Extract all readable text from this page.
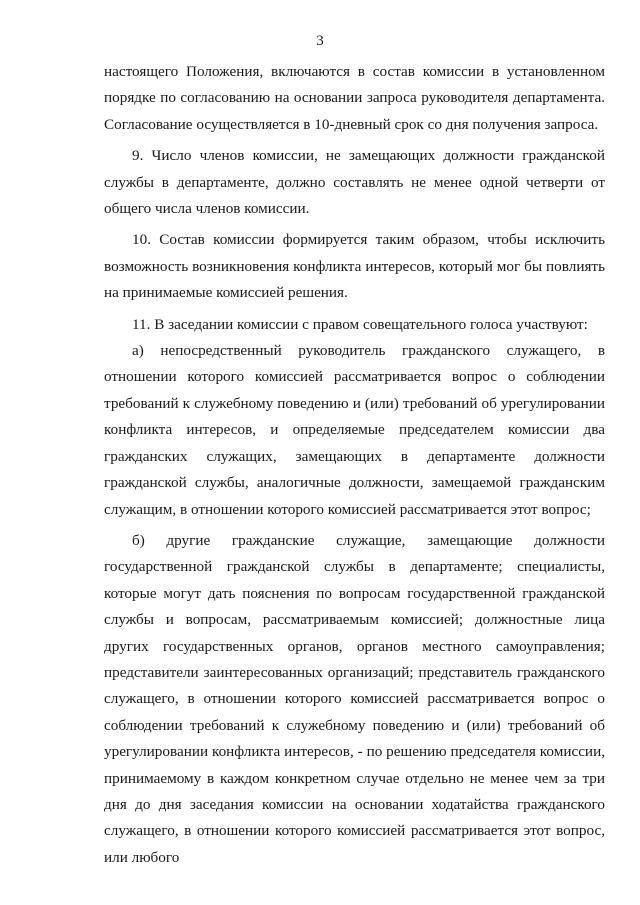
3

настоящего Положения, включаются в состав комиссии в установленном порядке по согласованию на основании запроса руководителя департамента. Согласование осуществляется в 10-дневный срок со дня получения запроса.

9. Число членов комиссии, не замещающих должности гражданской службы в департаменте, должно составлять не менее одной четверти от общего числа членов комиссии.

10. Состав комиссии формируется таким образом, чтобы исключить возможность возникновения конфликта интересов, который мог бы повлиять на принимаемые комиссией решения.

11. В заседании комиссии с правом совещательного голоса участвуют:

а) непосредственный руководитель гражданского служащего, в отношении которого комиссией рассматривается вопрос о соблюдении требований к служебному поведению и (или) требований об урегулировании конфликта интересов, и определяемые председателем комиссии два гражданских служащих, замещающих в департаменте должности гражданской службы, аналогичные должности, замещаемой гражданским служащим, в отношении которого комиссией рассматривается этот вопрос;

б) другие гражданские служащие, замещающие должности государственной гражданской службы в департаменте; специалисты, которые могут дать пояснения по вопросам государственной гражданской службы и вопросам, рассматриваемым комиссией; должностные лица других государственных органов, органов местного самоуправления; представители заинтересованных организаций; представитель гражданского служащего, в отношении которого комиссией рассматривается вопрос о соблюдении требований к служебному поведению и (или) требований об урегулировании конфликта интересов, - по решению председателя комиссии, принимаемому в каждом конкретном случае отдельно не менее чем за три дня до дня заседания комиссии на основании ходатайства гражданского служащего, в отношении которого комиссией рассматривается этот вопрос, или любого
